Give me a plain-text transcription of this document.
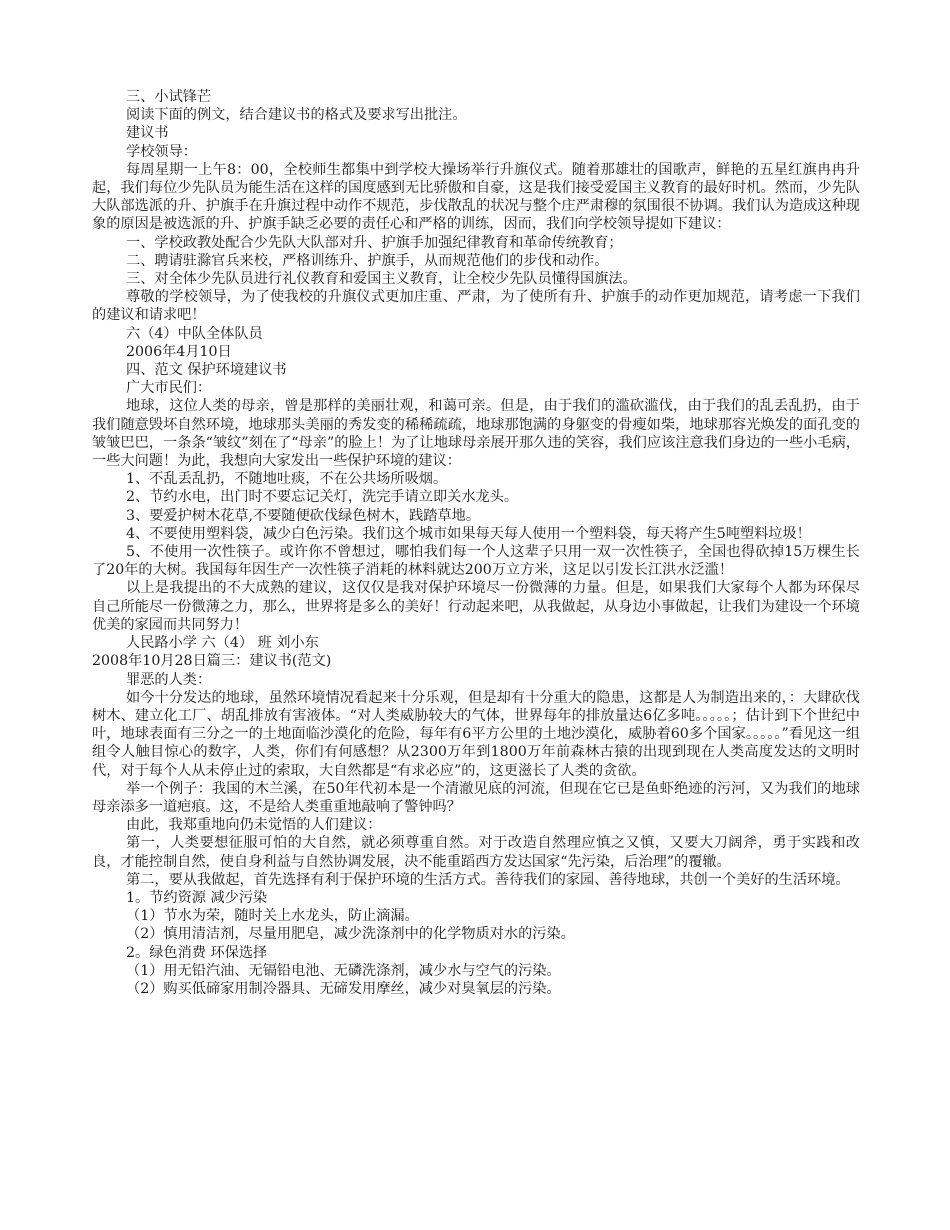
三、小试锋芒

阅读下面的例文，结合建议书的格式及要求写出批注。

建议书

学校领导：

每周星期一上午8：00，全校师生都集中到学校大操场举行升旗仪式。随着那雄壮的国歌声，鲜艳的五星红旗冉冉升起，我们每位少先队员为能生活在这样的国度感到无比骄傲和自豪，这是我们接受爱国主义教育的最好时机。然而，少先队大队部选派的升、护旗手在升旗过程中动作不规范，步伐散乱的状况与整个庄严肃穆的氛围很不协调。我们认为造成这种现象的原因是被选派的升、护旗手缺乏必要的责任心和严格的训练，因而，我们向学校领导提如下建议：

一、学校政教处配合少先队大队部对升、护旗手加强纪律教育和革命传统教育；

二、聘请驻滁官兵来校，严格训练升、护旗手，从而规范他们的步伐和动作。

三、对全体少先队员进行礼仪教育和爱国主义教育，让全校少先队员懂得国旗法。

尊敬的学校领导，为了使我校的升旗仪式更加庄重、严肃，为了使所有升、护旗手的动作更加规范，请考虑一下我们的建议和请求吧！

六（4）中队全体队员

2006年4月10日

四、范文 保护环境建议书

广大市民们：

地球，这位人类的母亲，曾是那样的美丽壮观，和蔼可亲。但是，由于我们的滥砍滥伐，由于我们的乱丢乱扔，由于我们随意毁坏自然环境，地球那头美丽的秀发变的稀稀疏疏，地球那饱满的身躯变的骨瘦如柴，地球那容光焕发的面孔变的皱皱巴巴，一条条“皱纹”刻在了“母亲”的脸上！为了让地球母亲展开那久违的笑容，我们应该注意我们身边的一些小毛病，一些大问题！为此，我想向大家发出一些保护环境的建议：

1、不乱丢乱扔，不随地吐痰，不在公共场所吸烟。

2、节约水电，出门时不要忘记关灯，洗完手请立即关水龙头。

3、要爱护树木花草,不要随便砍伐绿色树木，践踏草地。

4、不要使用塑料袋，减少白色污染。我们这个城市如果每天每人使用一个塑料袋，每天将产生5吨塑料垃圾！

5、不使用一次性筷子。或许你不曾想过，哪怕我们每一个人这辈子只用一双一次性筷子，全国也得砍掉15万棵生长了20年的大树。我国每年因生产一次性筷子消耗的林料就达200万立方米，这足以引发长江洪水泛滥！

以上是我提出的不大成熟的建议，这仅仅是我对保护环境尽一份微薄的力量。但是，如果我们大家每个人都为环保尽自己所能尽一份微薄之力，那么，世界将是多么的美好！行动起来吧，从我做起，从身边小事做起，让我们为建设一个环境优美的家园而共同努力！

人民路小学 六（4） 班 刘小东

2008年10月28日篇三：建议书(范文)

罪恶的人类：

如今十分发达的地球，虽然环境情况看起来十分乐观，但是却有十分重大的隐患，这都是人为制造出来的，：大肆砍伐树木、建立化工厂、胡乱排放有害液体。“对人类威胁较大的气体，世界每年的排放量达6亿多吨。。。。。；估计到下个世纪中叶，地球表面有三分之一的土地面临沙漠化的危险，每年有6平方公里的土地沙漠化，威胁着60多个国家。。。。。”看见这一组组令人触目惊心的数字，人类，你们有何感想？从2300万年到1800万年前森林古猿的出现到现在人类高度发达的文明时代，对于每个人从未停止过的索取，大自然都是“有求必应”的，这更滋长了人类的贪欲。

举一个例子：我国的木兰溪，在50年代初本是一个清澈见底的河流，但现在它已是鱼虾绝迹的污河，又为我们的地球母亲添多一道疤痕。这，不是给人类重重地敲响了警钟吗？

由此，我郑重地向仍未觉悟的人们建议：

第一，人类要想征服可怕的大自然，就必须尊重自然。对于改造自然理应慎之又慎，又要大刀阔斧，勇于实践和改良，才能控制自然，使自身利益与自然协调发展，决不能重蹈西方发达国家“先污染，后治理”的覆辙。

第二，要从我做起，首先选择有利于保护环境的生活方式。善待我们的家园、善待地球，共创一个美好的生活环境。

1。节约资源 减少污染

（1）节水为荣，随时关上水龙头，防止滴漏。

（2）慎用清洁剂，尽量用肥皂，减少洗涤剂中的化学物质对水的污染。

2。绿色消费 环保选择

（1）用无铅汽油、无镉铅电池、无磷洗涤剂，减少水与空气的污染。

（2）购买低碲家用制冷器具、无碲发用摩丝，减少对臭氧层的污染。
